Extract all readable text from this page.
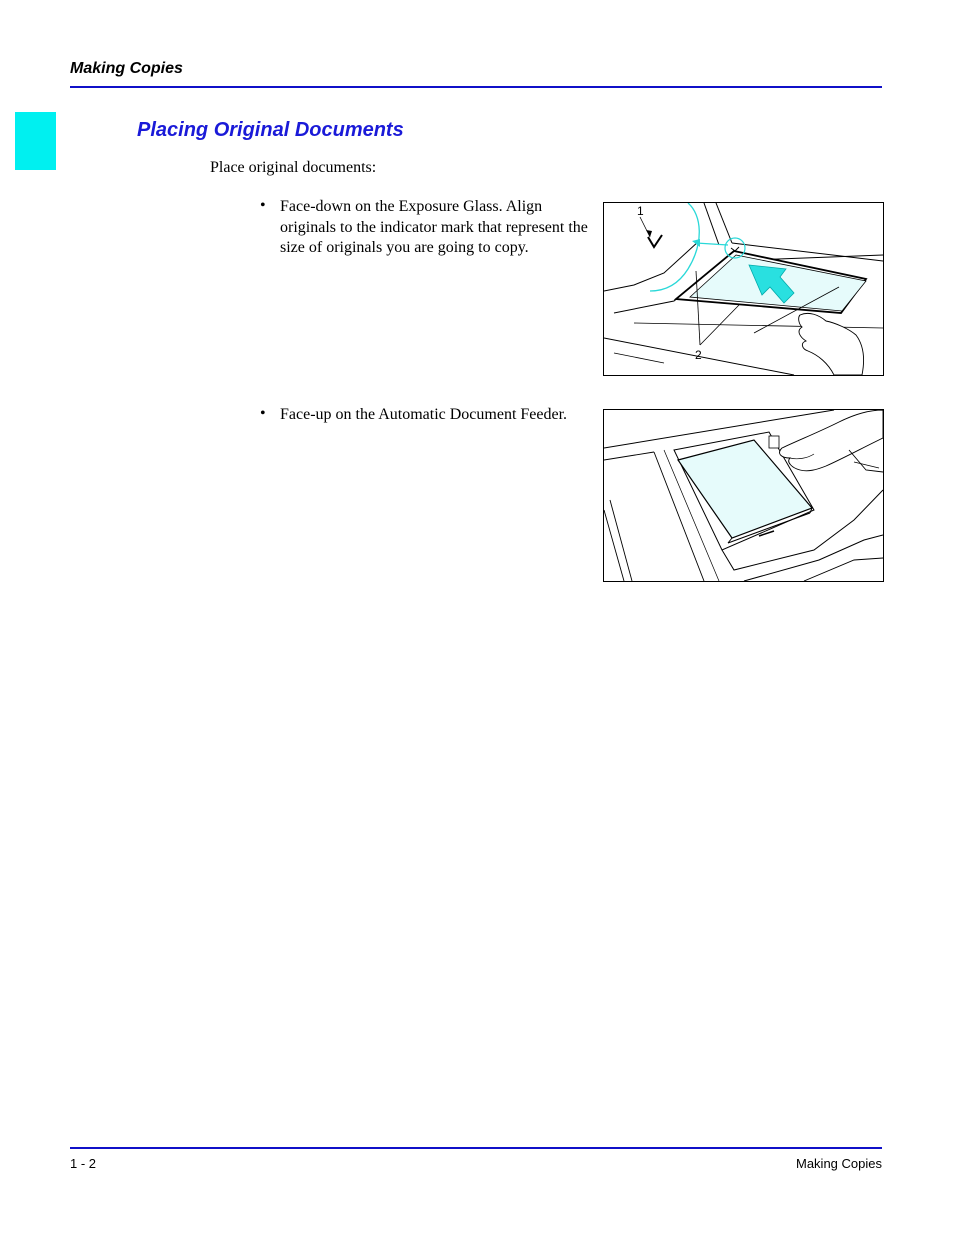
Making Copies
Placing Original Documents
Place original documents:
• Face-down on the Exposure Glass. Align originals to the indicator mark that represent the size of originals you are going to copy.
1
2
• Face-up on the Automatic Document Feeder.
1 - 2	Making Copies
